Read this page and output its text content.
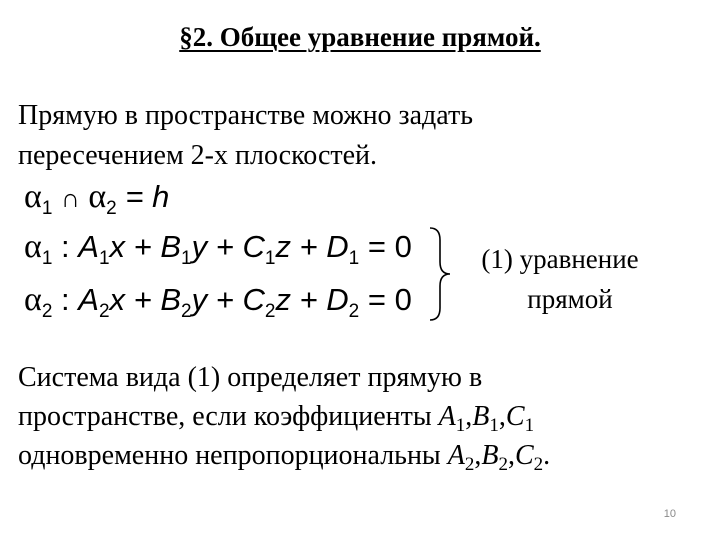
§2. Общее уравнение прямой.
Прямую в пространстве можно задать
пересечением 2-х плоскостей.
$\alpha_1$ ∩ $\alpha_2 = h$
$\alpha_1$ : $A_1x + B_1y + C_1z + D_1 = 0$
$\alpha_2$ : $A_2x + B_2y + C_2z + D_2 = 0$
(1) уравнение
прямой
Система вида (1) определяет прямую в
пространстве, если коэффициенты $A_1,B_1,C_1$
одновременно непропорциональны $A_2,B_2,C_2$.
10
